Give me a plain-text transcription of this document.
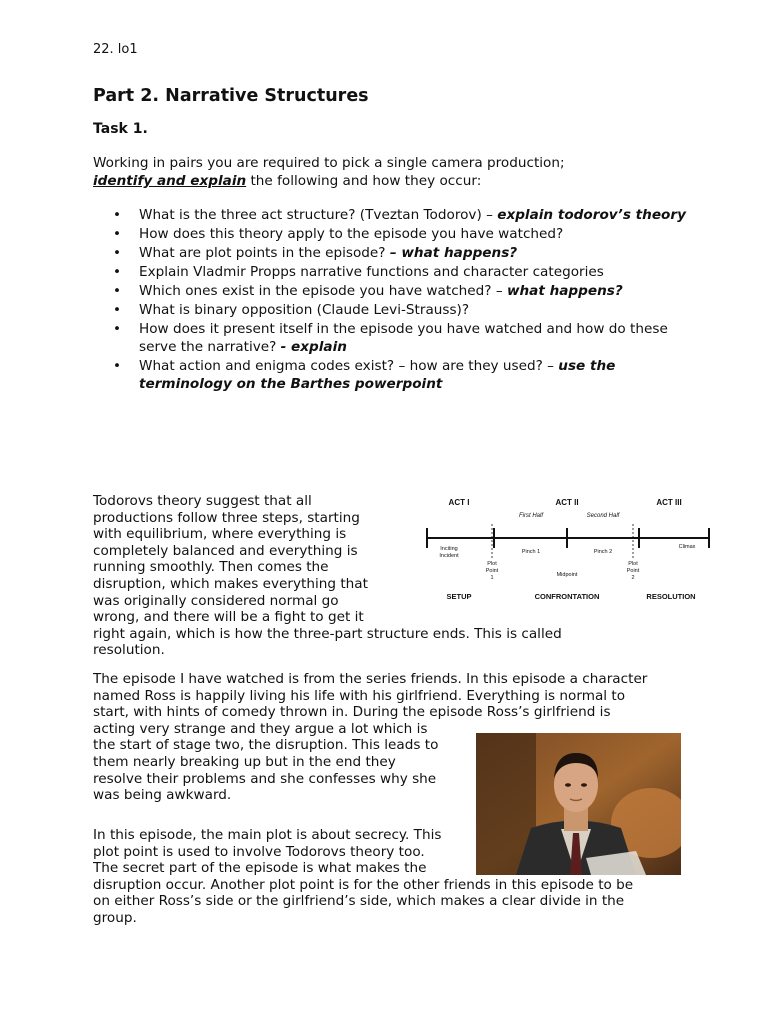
22. lo1
Part 2. Narrative Structures
Task 1.
Working in pairs you are required to pick a single camera production;
identify and explain the following and how they occur:
• What is the three act structure? (Tveztan Todorov) – explain todorov’s theory
• How does this theory apply to the episode you have watched?
• What are plot points in the episode? – what happens?
• Explain Vladmir Propps narrative functions and character categories
• Which ones exist in the episode you have watched? – what happens?
• What is binary opposition (Claude Levi-Strauss)?
• How does it present itself in the episode you have watched and how do these serve the narrative? - explain
• What action and enigma codes exist? – how are they used? – use the terminology on the Barthes powerpoint
ACT I	ACT II	ACT III
First Half	Second Half
Inciting
Incident
Plot
Point
1
Pinch 1
Midpoint
Pinch 2
Plot
Point
2
Climax
SETUP	CONFRONTATION	RESOLUTION
Todorovs theory suggest that all
productions follow three steps, starting
with equilibrium, where everything is
completely balanced and everything is
running smoothly. Then comes the
disruption, which makes everything that
was originally considered normal go
wrong, and there will be a fight to get it
right again, which is how the three-part structure ends. This is called
resolution.
The episode I have watched is from the series friends. In this episode a character
named Ross is happily living his life with his girlfriend. Everything is normal to
start, with hints of comedy thrown in. During the episode Ross’s girlfriend is
acting very strange and they argue a lot which is
the start of stage two, the disruption. This leads to
them nearly breaking up but in the end they
resolve their problems and she confesses why she
was being awkward.
In this episode, the main plot is about secrecy. This
plot point is used to involve Todorovs theory too.
The secret part of the episode is what makes the
disruption occur. Another plot point is for the other friends in this episode to be
on either Ross’s side or the girlfriend’s side, which makes a clear divide in the
group.
